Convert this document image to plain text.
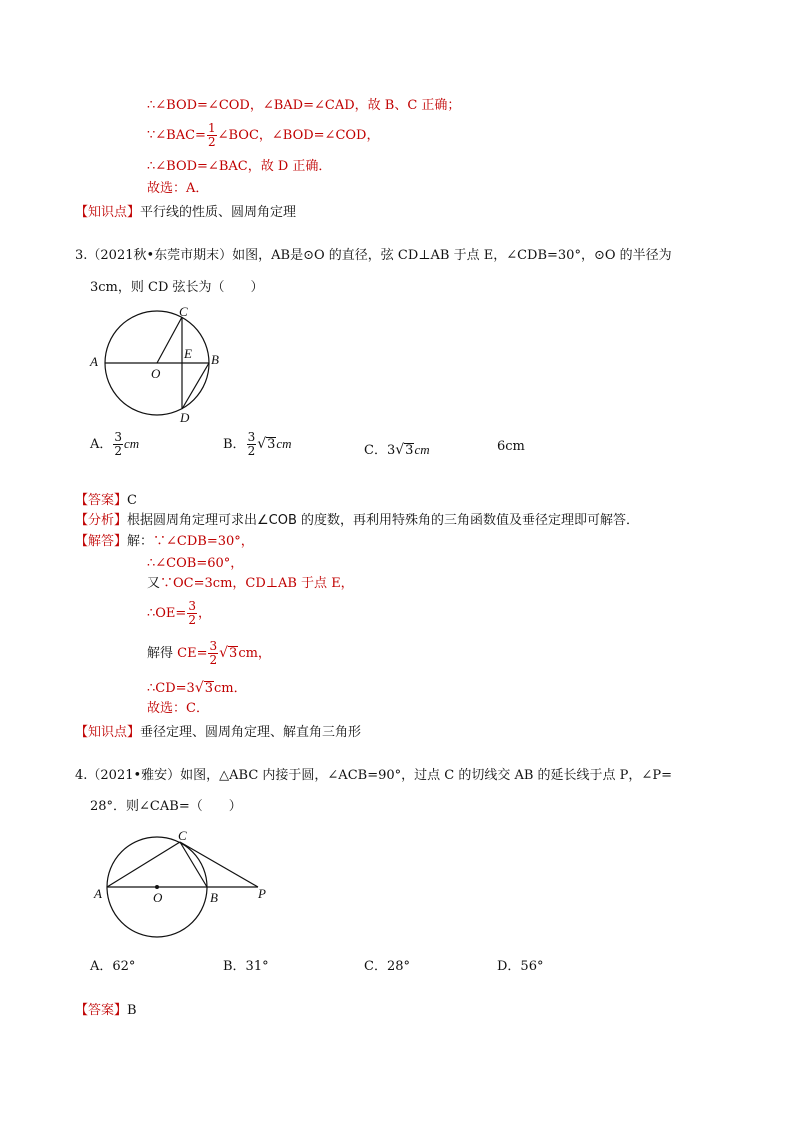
∴∠BOD=∠COD，∠BAD=∠CAD，故 B、C 正确；
∵∠BAC= $\frac{1}{2}$ ∠BOC，∠BOD=∠COD，
∴∠BOD=∠BAC，故 D 正确．
故选：A．
【知识点】平行线的性质、圆周角定理
3.（2021秋•东莞市期末）如图，AB是⊙O 的直径，弦 CD⊥AB 于点 E，∠CDB=30°，⊙O 的半径为
3cm，则 CD 弦长为（　　）
A	B
C
D
E
O
A． $\frac{3}{2}$ cm	B． $\frac{3}{2} √3cm$	C．3√3cm	6cm
【答案】C
【分析】根据圆周角定理可求出∠COB 的度数，再利用特殊角的三角函数值及垂径定理即可解答．
【解答】解：∵∠CDB=30°，
∴∠COB=60°，
又∵OC=3cm，CD⊥AB 于点 E，
∴OE= $\frac{3}{2}$ ，
解得 $CE= \frac{3}{2} √3cm$，
∴CD=3√3cm．
故选：C．
【知识点】垂径定理、圆周角定理、解直角三角形
4.（2021•雅安）如图，△ABC 内接于圆，∠ACB=90°，过点 C 的切线交 AB 的延长线于点 P，∠P=
28°．则∠CAB=（　　）
A	B
C
O	P
A．62°	B．31°	C．28°	D．56°
【答案】B
